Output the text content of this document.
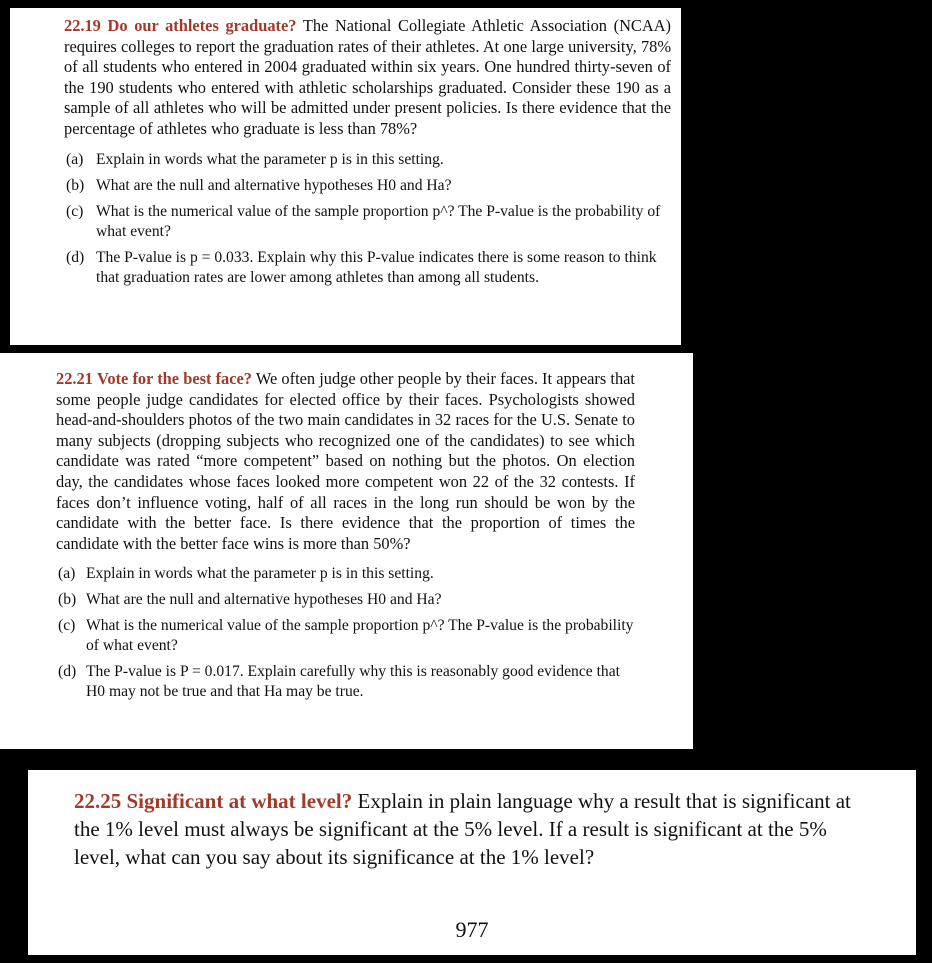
22.19 Do our athletes graduate? The National Collegiate Athletic Association (NCAA) requires colleges to report the graduation rates of their athletes. At one large university, 78% of all students who entered in 2004 graduated within six years. One hundred thirty-seven of the 190 students who entered with athletic scholarships graduated. Consider these 190 as a sample of all athletes who will be admitted under present policies. Is there evidence that the percentage of athletes who graduate is less than 78%?

(a) Explain in words what the parameter p is in this setting.
(b) What are the null and alternative hypotheses H0 and Ha?
(c) What is the numerical value of the sample proportion p^? The P-value is the probability of what event?
(d) The P-value is p = 0.033. Explain why this P-value indicates there is some reason to think that graduation rates are lower among athletes than among all students.

22.21 Vote for the best face? We often judge other people by their faces. It appears that some people judge candidates for elected office by their faces. Psychologists showed head-and-shoulders photos of the two main candidates in 32 races for the U.S. Senate to many subjects (dropping subjects who recognized one of the candidates) to see which candidate was rated “more competent” based on nothing but the photos. On election day, the candidates whose faces looked more competent won 22 of the 32 contests. If faces don’t influence voting, half of all races in the long run should be won by the candidate with the better face. Is there evidence that the proportion of times the candidate with the better face wins is more than 50%?

(a) Explain in words what the parameter p is in this setting.
(b) What are the null and alternative hypotheses H0 and Ha?
(c) What is the numerical value of the sample proportion p^? The P-value is the probability of what event?
(d) The P-value is P = 0.017. Explain carefully why this is reasonably good evidence that H0 may not be true and that Ha may be true.

22.25 Significant at what level? Explain in plain language why a result that is significant at the 1% level must always be significant at the 5% level. If a result is significant at the 5% level, what can you say about its significance at the 1% level?

977
